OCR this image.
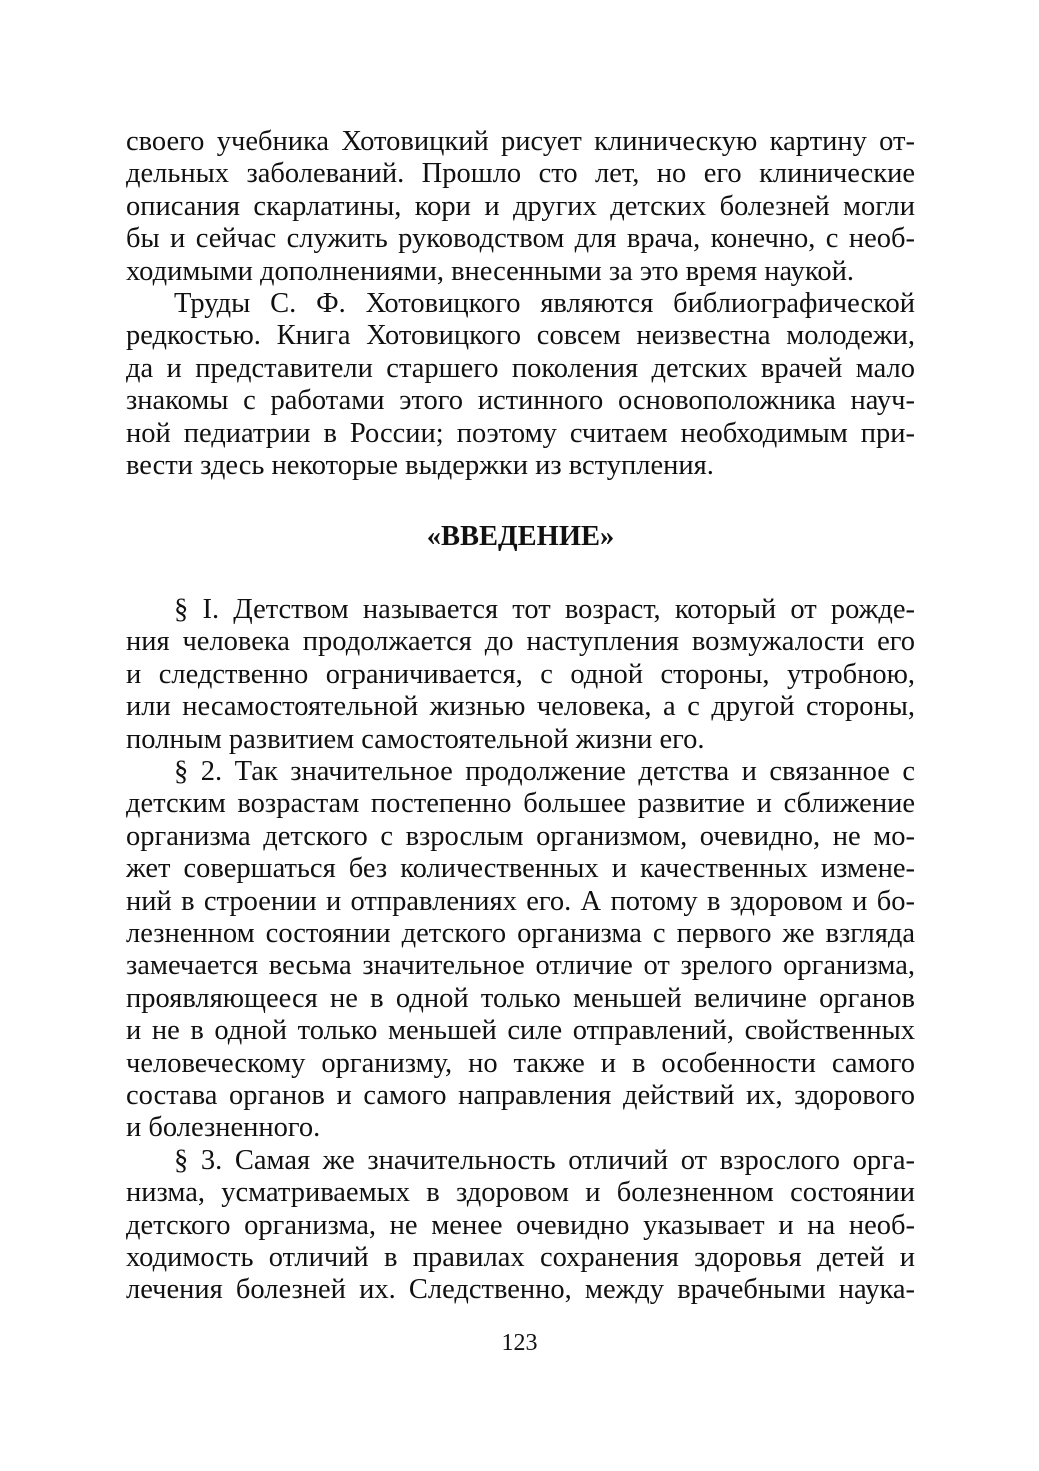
своего учебника Хотовицкий рисует клиническую картину от-
дельных заболеваний. Прошло сто лет, но его клинические
описания скарлатины, кори и других детских болезней могли
бы и сейчас служить руководством для врача, конечно, с необ-
ходимыми дополнениями, внесенными за это время наукой.

Труды С. Ф. Хотовицкого являются библиографической
редкостью. Книга Хотовицкого совсем неизвестна молодежи,
да и представители старшего поколения детских врачей мало
знакомы с работами этого истинного основоположника науч-
ной педиатрии в России; поэтому считаем необходимым при-
вести здесь некоторые выдержки из вступления.

«ВВЕДЕНИЕ»

§ I. Детством называется тот возраст, который от рожде-
ния человека продолжается до наступления возмужалости его
и следственно ограничивается, с одной стороны, утробною,
или несамостоятельной жизнью человека, а с другой стороны,
полным развитием самостоятельной жизни его.

§ 2. Так значительное продолжение детства и связанное с
детским возрастам постепенно большее развитие и сближение
организма детского с взрослым организмом, очевидно, не мо-
жет совершаться без количественных и качественных измене-
ний в строении и отправлениях его. А потому в здоровом и бо-
лезненном состоянии детского организма с первого же взгляда
замечается весьма значительное отличие от зрелого организма,
проявляющееся не в одной только меньшей величине органов
и не в одной только меньшей силе отправлений, свойственных
человеческому организму, но также и в особенности самого
состава органов и самого направления действий их, здорового
и болезненного.

§ 3. Самая же значительность отличий от взрослого орга-
низма, усматриваемых в здоровом и болезненном состоянии
детского организма, не менее очевидно указывает и на необ-
ходимость отличий в правилах сохранения здоровья детей и
лечения болезней их. Следственно, между врачебными наука-

123
